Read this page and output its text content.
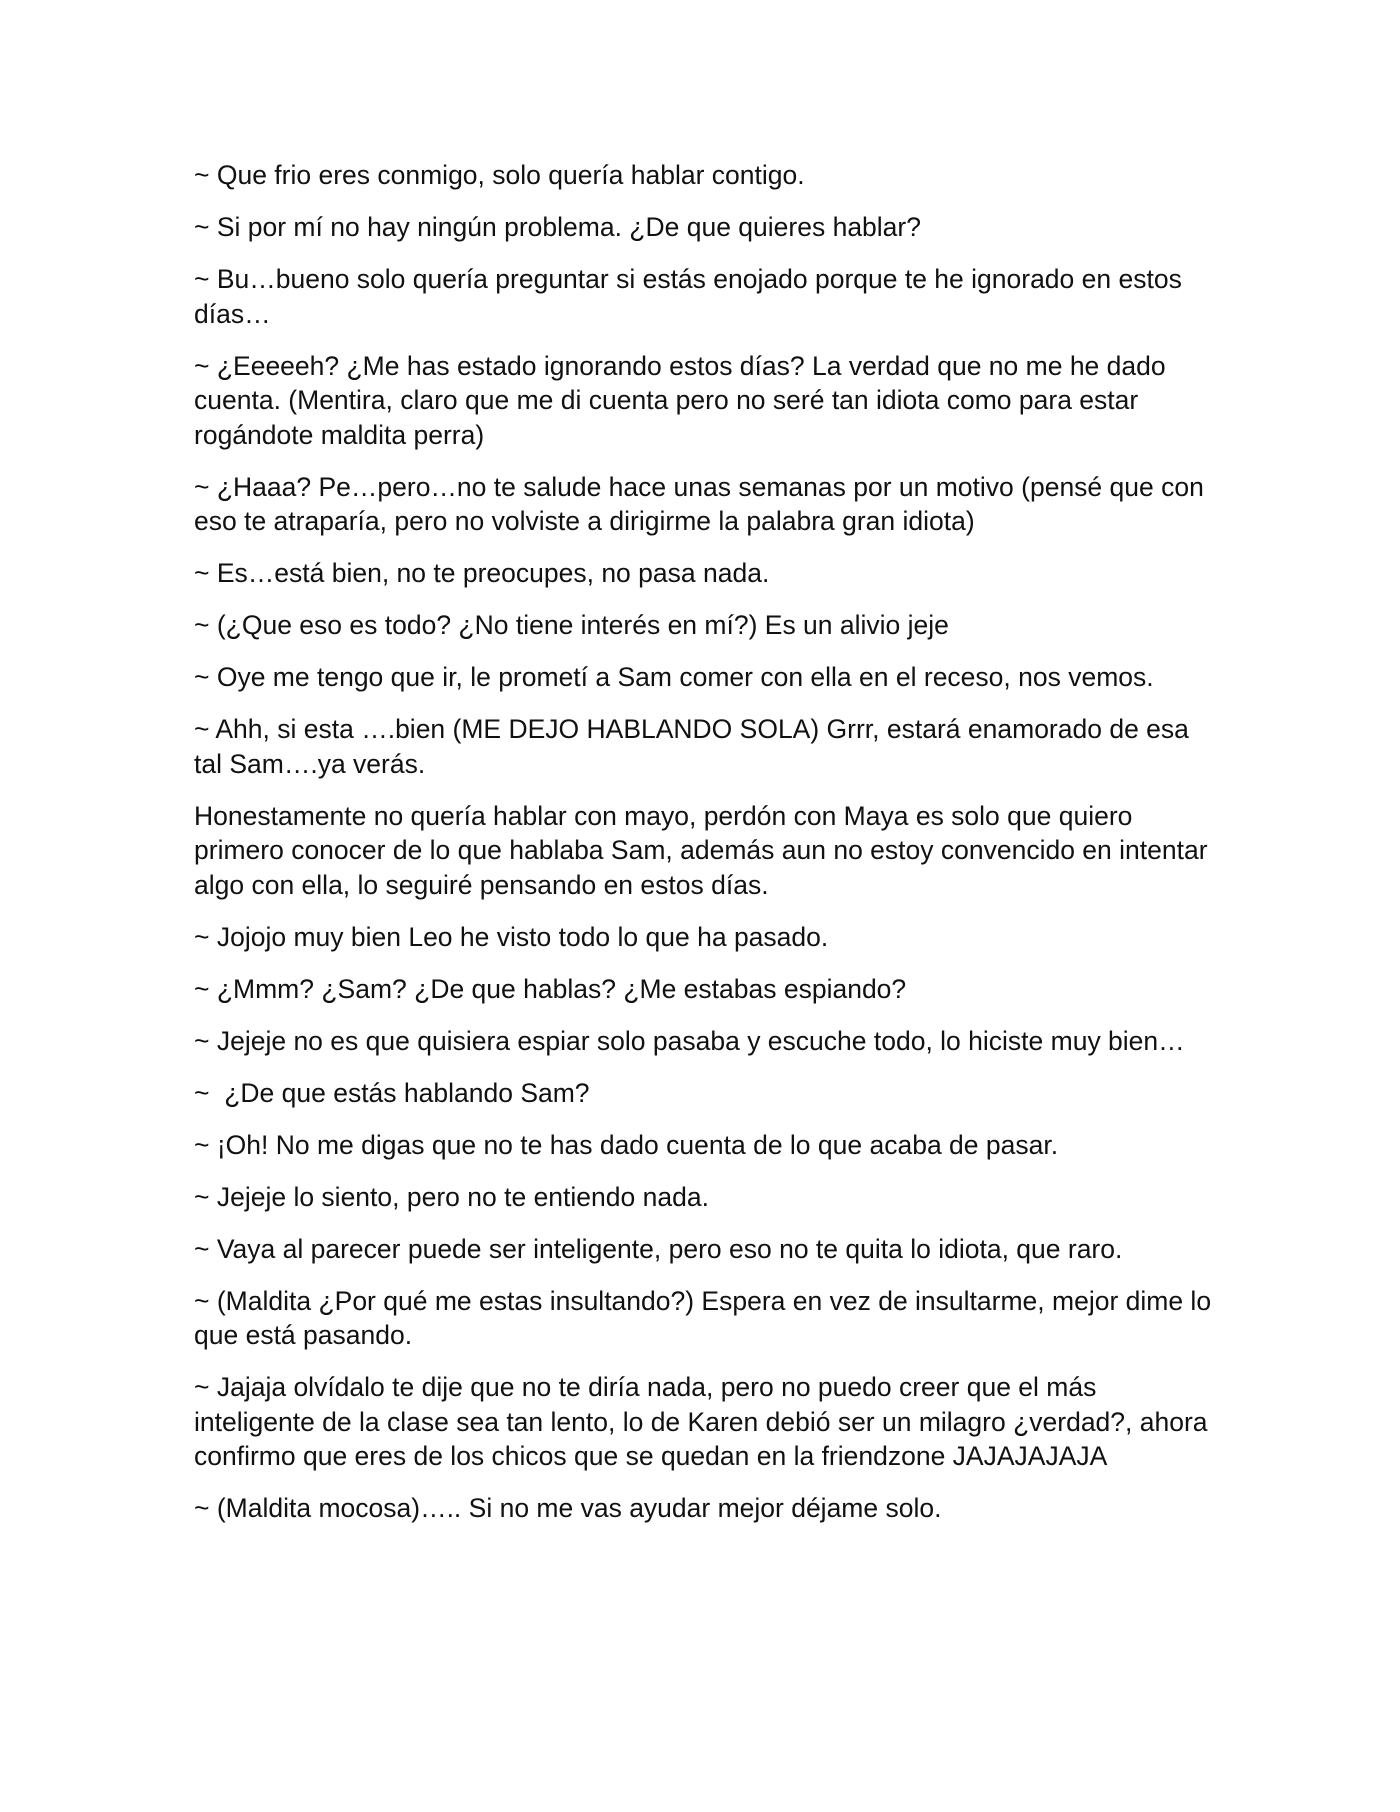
~ Que frio eres conmigo, solo quería hablar contigo.

~ Si por mí no hay ningún problema. ¿De que quieres hablar?

~ Bu…bueno solo quería preguntar si estás enojado porque te he ignorado en estos días…

~ ¿Eeeeeh? ¿Me has estado ignorando estos días? La verdad que no me he dado cuenta. (Mentira, claro que me di cuenta pero no seré tan idiota como para estar rogándote maldita perra)

~ ¿Haaa? Pe…pero…no te salude hace unas semanas por un motivo (pensé que con eso te atraparía, pero no volviste a dirigirme la palabra gran idiota)

~ Es…está bien, no te preocupes, no pasa nada.

~ (¿Que eso es todo? ¿No tiene interés en mí?) Es un alivio jeje

~ Oye me tengo que ir, le prometí a Sam comer con ella en el receso, nos vemos.

~ Ahh, si esta ….bien (ME DEJO HABLANDO SOLA) Grrr, estará enamorado de esa tal Sam….ya verás.

Honestamente no quería hablar con mayo, perdón con Maya es solo que quiero primero conocer de lo que hablaba Sam, además aun no estoy convencido en intentar algo con ella, lo seguiré pensando en estos días.

~ Jojojo muy bien Leo he visto todo lo que ha pasado.

~ ¿Mmm? ¿Sam? ¿De que hablas? ¿Me estabas espiando?

~ Jejeje no es que quisiera espiar solo pasaba y escuche todo, lo hiciste muy bien…

~  ¿De que estás hablando Sam?

~ ¡Oh! No me digas que no te has dado cuenta de lo que acaba de pasar.

~ Jejeje lo siento, pero no te entiendo nada.

~ Vaya al parecer puede ser inteligente, pero eso no te quita lo idiota, que raro.

~ (Maldita ¿Por qué me estas insultando?) Espera en vez de insultarme, mejor dime lo que está pasando.

~ Jajaja olvídalo te dije que no te diría nada, pero no puedo creer que el más inteligente de la clase sea tan lento, lo de Karen debió ser un milagro ¿verdad?, ahora confirmo que eres de los chicos que se quedan en la friendzone JAJAJAJAJA

~ (Maldita mocosa)….. Si no me vas ayudar mejor déjame solo.
